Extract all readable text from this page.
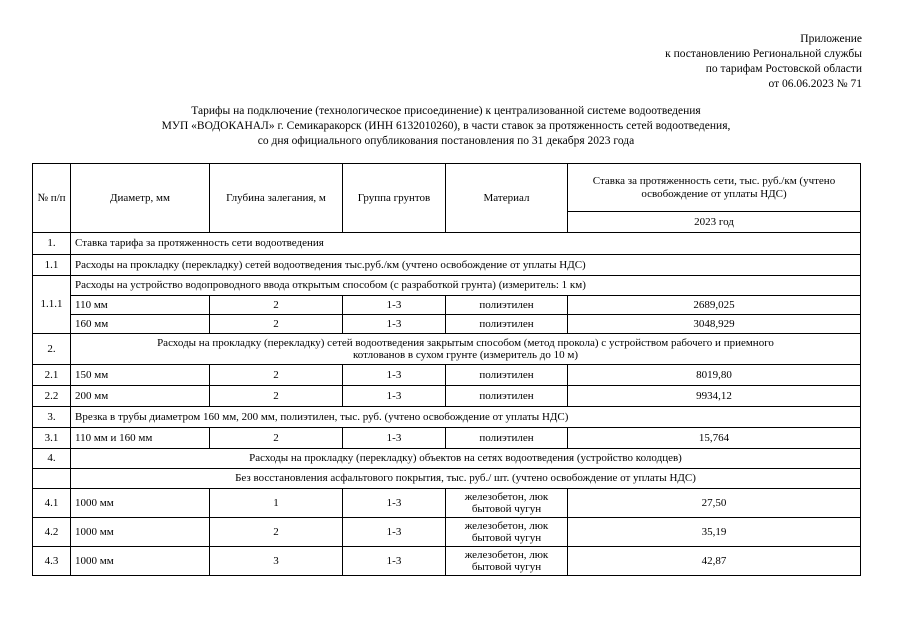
Приложение
к постановлению Региональной службы
по тарифам Ростовской области
от 06.06.2023 № 71
Тарифы на подключение (технологическое присоединение) к централизованной системе водоотведения
МУП «ВОДОКАНАЛ» г. Семикаракорск (ИНН 6132010260), в части ставок за протяженность сетей водоотведения,
со дня официального опубликования постановления по 31 декабря 2023 года
№ п/п	Диаметр, мм	Глубина залегания, м	Группа грунтов	Материал	Ставка за протяженность сети, тыс. руб./км (учтено освобождение от уплаты НДС)
					2023 год
1.	Ставка тарифа за протяженность сети водоотведения				
1.1	Расходы на прокладку (перекладку) сетей водоотведения тыс.руб./км (учтено освобождение от уплаты НДС)				
1.1.1	Расходы на устройство водопроводного ввода открытым способом (с разработкой грунта) (измеритель: 1 км)				
	110 мм	2	1-3	полиэтилен	2689,025
	160 мм	2	1-3	полиэтилен	3048,929
2.	Расходы на прокладку (перекладку) сетей водоотведения закрытым способом (метод прокола) с устройством рабочего и приемного
котлованов в сухом грунте (измеритель до 10 м)				

2.1	150 мм	2	1-3	полиэтилен	8019,80
2.2	200 мм	2	1-3	полиэтилен	9934,12
3.	Врезка в трубы диаметром 160 мм, 200 мм, полиэтилен, тыс. руб. (учтено освобождение от уплаты НДС)				
3.1	110 мм и 160 мм	2	1-3	полиэтилен	15,764
4.	Расходы на прокладку (перекладку) объектов на сетях водоотведения (устройство колодцев)				
	Без восстановления асфальтового покрытия, тыс. руб./ шт. (учтено освобождение от уплаты НДС)				
4.1	1000 мм	1	1-3	железобетон, люк
бытовой чугун	27,50
4.2	1000 мм	2	1-3	железобетон, люк
бытовой чугун	35,19
4.3	1000 мм	3	1-3	железобетон, люк
бытовой чугун	42,87
